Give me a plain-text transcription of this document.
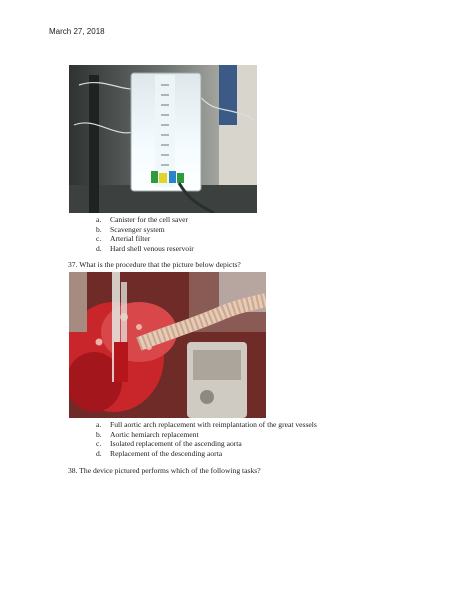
March 27, 2018
a. Canister for the cell saver
b. Scavenger system
c. Arterial filter
d. Hard shell venous reservoir
37. What is the procedure that the picture below depicts?
a. Full aortic arch replacement with reimplantation of the great vessels
b. Aortic hemiarch replacement
c. Isolated replacement of the ascending aorta
d. Replacement of the descending aorta
38. The device pictured performs which of the following tasks?
